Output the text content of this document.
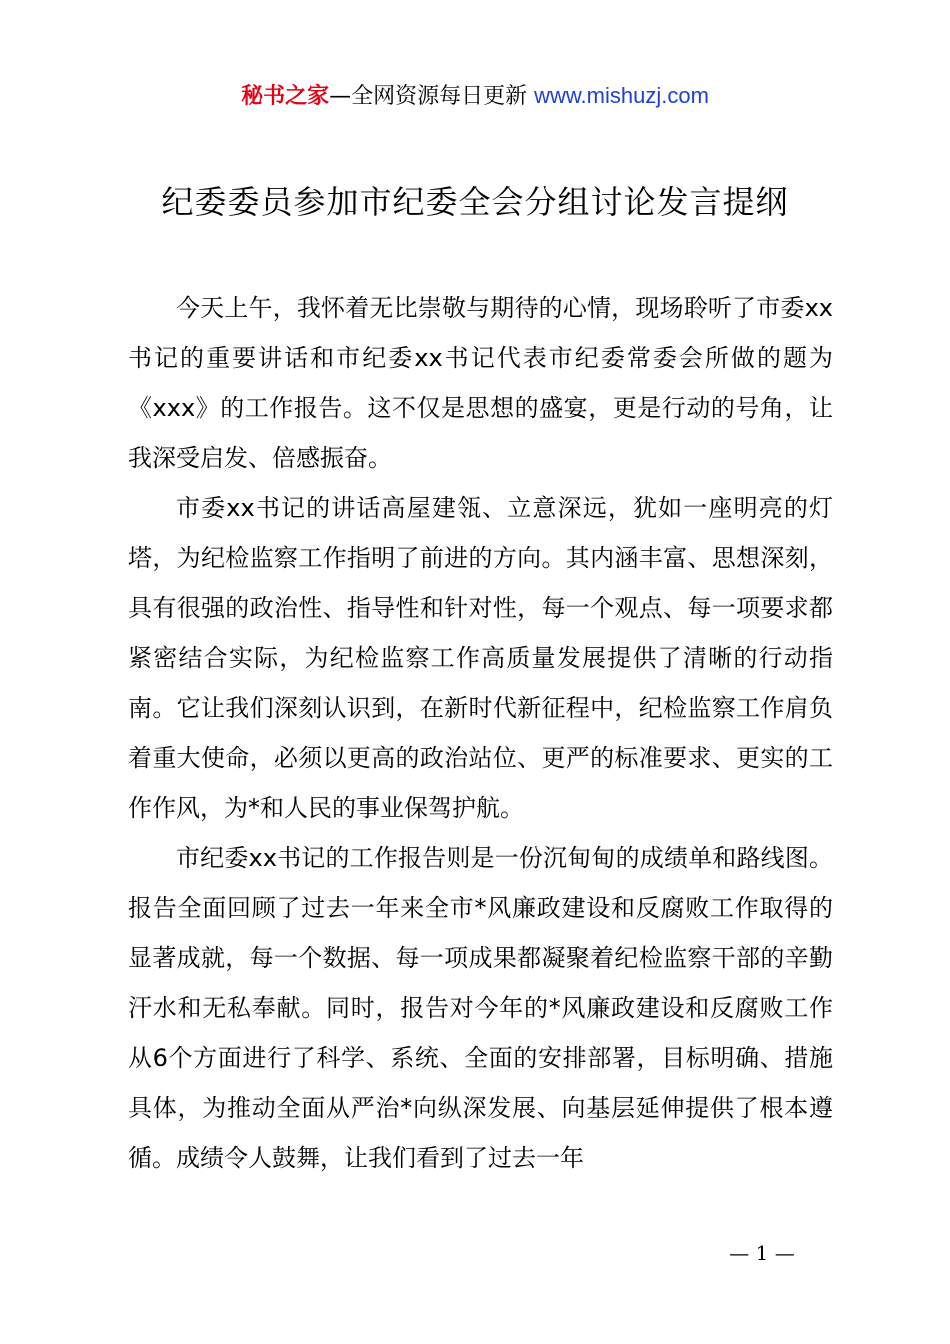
秘书之家—全网资源每日更新 www.mishuzj.com
纪委委员参加市纪委全会分组讨论发言提纲

今天上午，我怀着无比崇敬与期待的心情，现场聆听了市委xx书记的重要讲话和市纪委xx书记代表市纪委常委会所做的题为《xxx》的工作报告。这不仅是思想的盛宴，更是行动的号角，让我深受启发、倍感振奋。

市委xx书记的讲话高屋建瓴、立意深远，犹如一座明亮的灯塔，为纪检监察工作指明了前进的方向。其内涵丰富、思想深刻，具有很强的政治性、指导性和针对性，每一个观点、每一项要求都紧密结合实际，为纪检监察工作高质量发展提供了清晰的行动指南。它让我们深刻认识到，在新时代新征程中，纪检监察工作肩负着重大使命，必须以更高的政治站位、更严的标准要求、更实的工作作风，为*和人民的事业保驾护航。

市纪委xx书记的工作报告则是一份沉甸甸的成绩单和路线图。报告全面回顾了过去一年来全市*风廉政建设和反腐败工作取得的显著成就，每一个数据、每一项成果都凝聚着纪检监察干部的辛勤汗水和无私奉献。同时，报告对今年的*风廉政建设和反腐败工作从6个方面进行了科学、系统、全面的安排部署，目标明确、措施具体，为推动全面从严治*向纵深发展、向基层延伸提供了根本遵循。成绩令人鼓舞，让我们看到了过去一年

— 1 —
